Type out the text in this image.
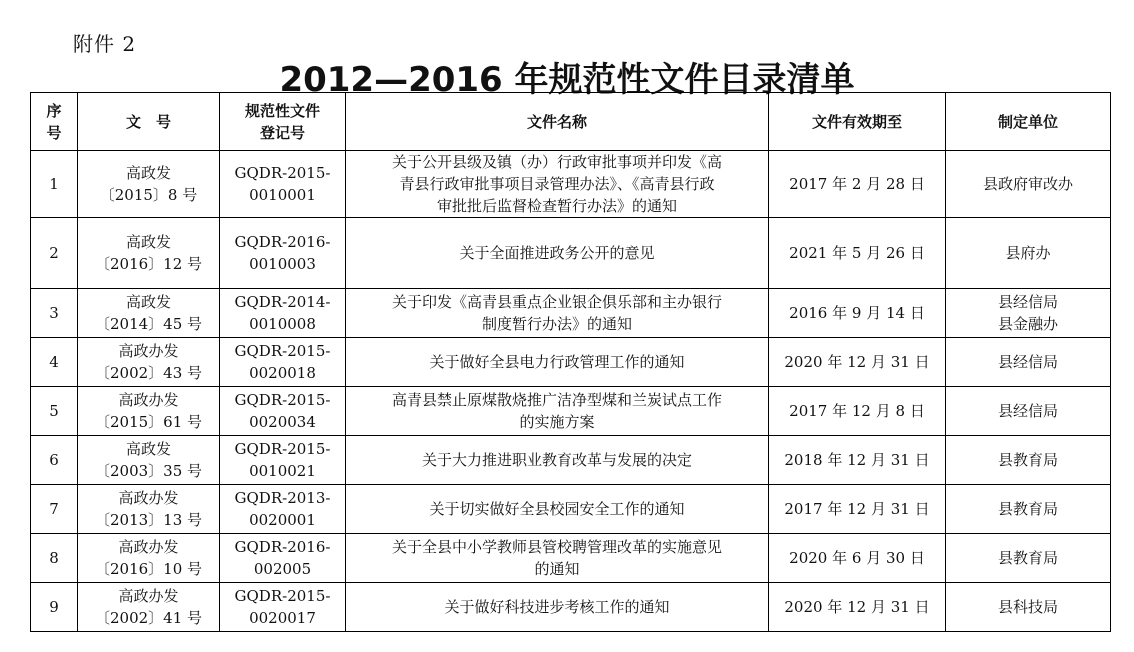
附件 2
2012—2016 年规范性文件目录清单
序
号	文　号	规范性文件
登记号	文件名称	文件有效期至	制定单位
1	高政发
〔2015〕8 号	GQDR-2015-
0010001	关于公开县级及镇（办）行政审批事项并印发《高
青县行政审批事项目录管理办法》、《高青县行政
审批批后监督检查暂行办法》的通知	2017 年 2 月 28 日	县政府审改办

2	高政发
〔2016〕12 号	GQDR-2016-
0010003	关于全面推进政务公开的意见	2021 年 5 月 26 日	县府办

3	高政发
〔2014〕45 号	GQDR-2014-
0010008	关于印发《高青县重点企业银企俱乐部和主办银行
制度暂行办法》的通知	2016 年 9 月 14 日	县经信局
县金融办

4	高政办发
〔2002〕43 号	GQDR-2015-
0020018	关于做好全县电力行政管理工作的通知	2020 年 12 月 31 日	县经信局

5	高政办发
〔2015〕61 号	GQDR-2015-
0020034	高青县禁止原煤散烧推广洁净型煤和兰炭试点工作
的实施方案	2017 年 12 月 8 日	县经信局

6	高政发
〔2003〕35 号	GQDR-2015-
0010021	关于大力推进职业教育改革与发展的决定	2018 年 12 月 31 日	县教育局

7	高政办发
〔2013〕13 号	GQDR-2013-
0020001	关于切实做好全县校园安全工作的通知	2017 年 12 月 31 日	县教育局

8	高政办发
〔2016〕10 号	GQDR-2016-
002005	关于全县中小学教师县管校聘管理改革的实施意见
的通知	2020 年 6 月 30 日	县教育局

9	高政办发
〔2002〕41 号	GQDR-2015-
0020017	关于做好科技进步考核工作的通知	2020 年 12 月 31 日	县科技局
